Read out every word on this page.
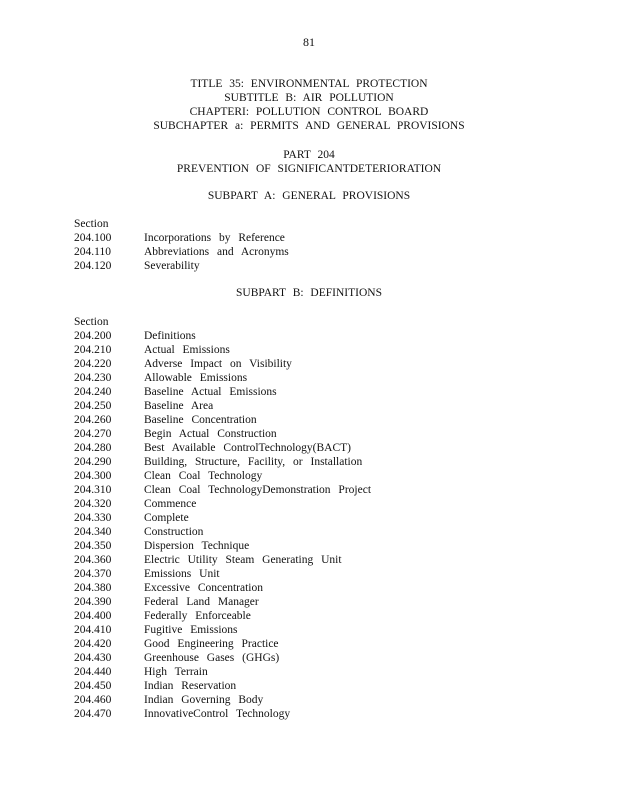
81
TITLE 35: ENVIRONMENTAL PROTECTION
SUBTITLE B: AIR POLLUTION
CHAPTERI: POLLUTION CONTROL BOARD
SUBCHAPTER a: PERMITS AND GENERAL PROVISIONS
PART 204
PREVENTION OF SIGNIFICANTDETERIORATION
SUBPART A: GENERAL PROVISIONS
Section
204.100	Incorporations by Reference
204.110	Abbreviations and Acronyms
204.120	Severability
SUBPART B: DEFINITIONS
Section
204.200	Definitions
204.210	Actual Emissions
204.220	Adverse Impact on Visibility
204.230	Allowable Emissions
204.240	Baseline Actual Emissions
204.250	Baseline Area
204.260	Baseline Concentration
204.270	Begin Actual Construction
204.280	Best Available ControlTechnology(BACT)
204.290	Building, Structure, Facility, or Installation
204.300	Clean Coal Technology
204.310	Clean Coal TechnologyDemonstration Project
204.320	Commence
204.330	Complete
204.340	Construction
204.350	Dispersion Technique
204.360	Electric Utility Steam Generating Unit
204.370	Emissions Unit
204.380	Excessive Concentration
204.390	Federal Land Manager
204.400	Federally Enforceable
204.410	Fugitive Emissions
204.420	Good Engineering Practice
204.430	Greenhouse Gases (GHGs)
204.440	High Terrain
204.450	Indian Reservation
204.460	Indian Governing Body
204.470	InnovativeControl Technology
